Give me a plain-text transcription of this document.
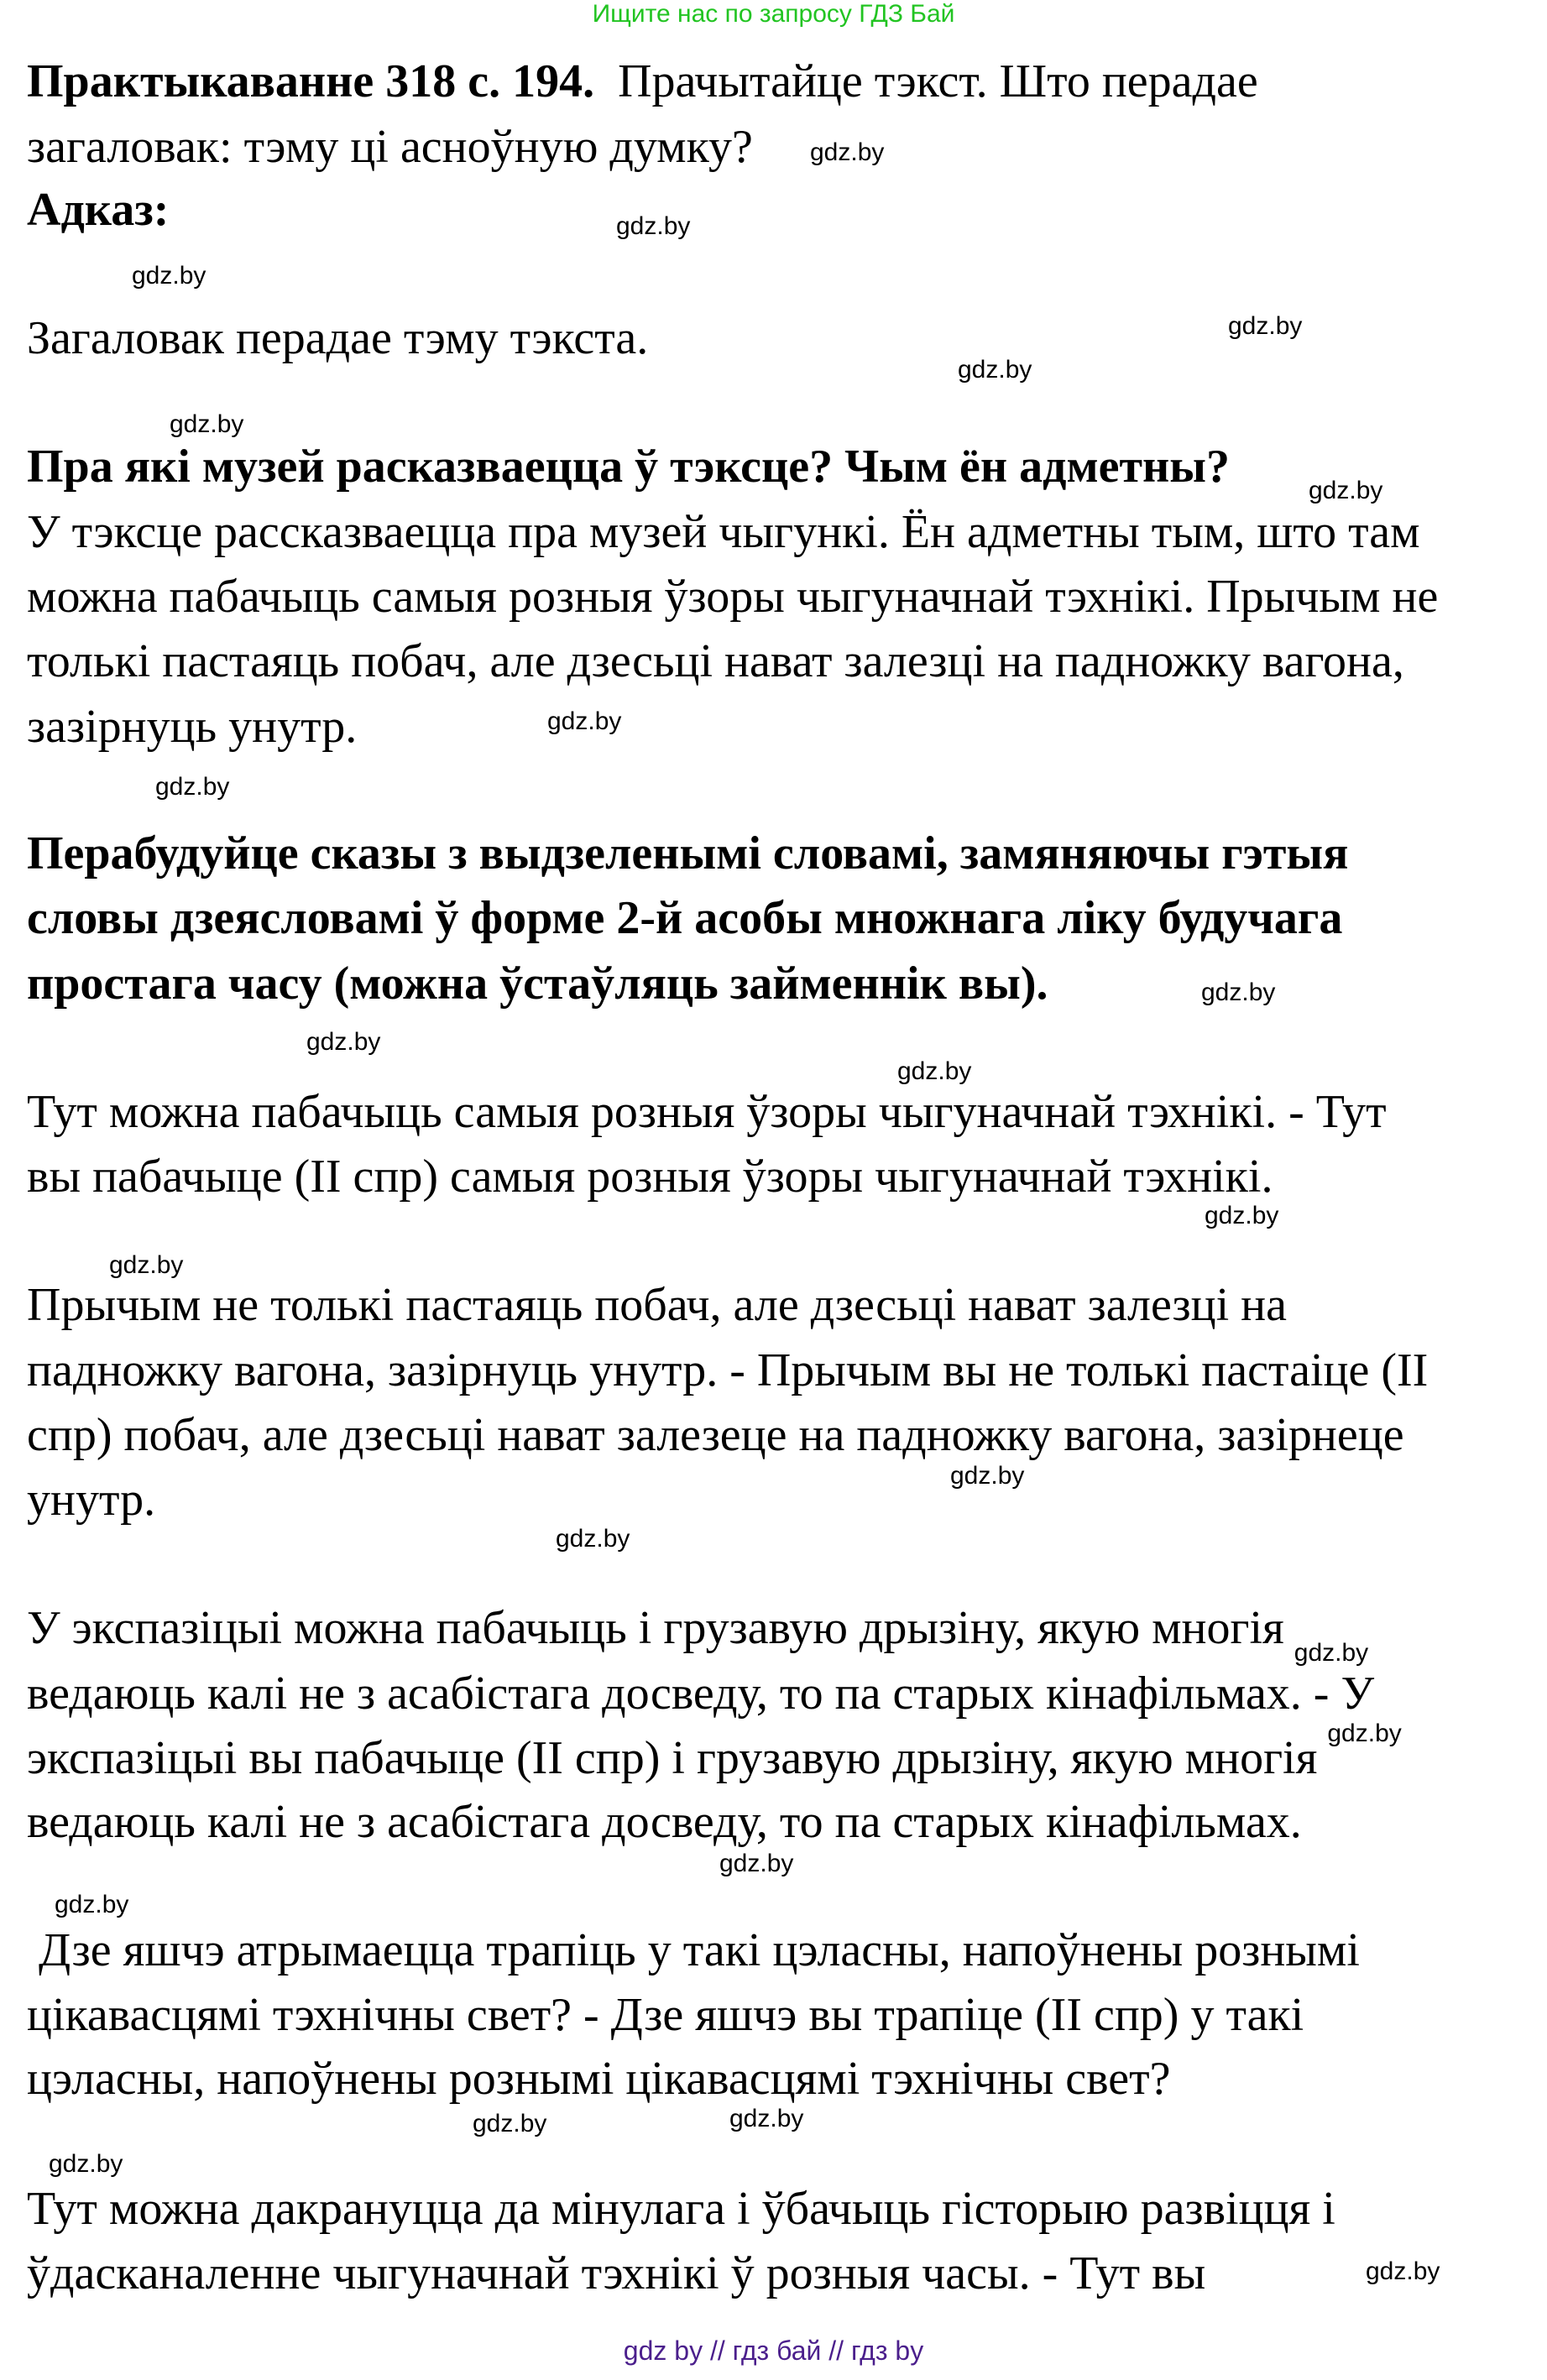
Ищите нас по запросу ГДЗ Бай
Практыкаванне 318 с. 194.  Прачытайце тэкст. Што перадае
загаловак: тэму ці асноўную думку?
Адказ:
Загаловак перадае тэму тэкста.
Пра які музей расказваецца ў тэксце? Чым ён адметны?
У тэксце рассказваецца пра музей чыгункі. Ён адметны тым, што там
можна пабачыць самыя розныя ўзоры чыгуначнай тэхнікі. Прычым не
толькі пастаяць побач, але дзесьці нават залезці на падножку вагона,
зазірнуць унутр.
Перабудуйце сказы з выдзеленымі словамі, замяняючы гэтыя
словы дзеясловамі ў форме 2-й асобы множнага ліку будучага
простага часу (можна ўстаўляць займеннік вы).
Тут можна пабачыць самыя розныя ўзоры чыгуначнай тэхнікі. - Тут
вы пабачыце (II спр) самыя розныя ўзоры чыгуначнай тэхнікі.
Прычым не толькі пастаяць побач, але дзесьці нават залезці на
падножку вагона, зазірнуць унутр. - Прычым вы не толькі пастаіце (II
спр) побач, але дзесьці нават залезеце на падножку вагона, зазірнеце
унутр.
У экспазіцыі можна пабачыць і грузавую дрызіну, якую многія
ведаюць калі не з асабістага досведу, то па старых кінафільмах. - У
экспазіцыі вы пабачыце (II спр) і грузавую дрызіну, якую многія
ведаюць калі не з асабістага досведу, то па старых кінафільмах.
Дзе яшчэ атрымаецца трапіць у такі цэласны, напоўнены рознымі
цікавасцямі тэхнічны свет? - Дзе яшчэ вы трапіце (II спр) у такі
цэласны, напоўнены рознымі цікавасцямі тэхнічны свет?
Тут можна дакрануцца да мінулага і ўбачыць гісторыю развіцця і
ўдасканаленне чыгуначнай тэхнікі ў розныя часы. - Тут вы
gdz.by
gdz.by
gdz.by
gdz.by
gdz.by
gdz.by
gdz.by
gdz.by
gdz.by
gdz.by
gdz.by
gdz.by
gdz.by
gdz.by
gdz.by
gdz.by
gdz.by
gdz.by
gdz.by
gdz.by
gdz.by
gdz.by
gdz.by
gdz.by
gdz by // гдз бай // гдз by
